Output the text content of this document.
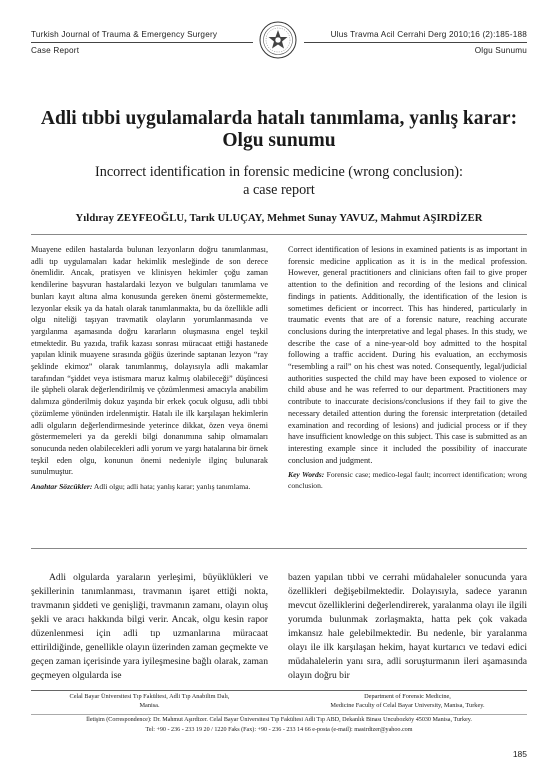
Turkish Journal of Trauma & Emergency Surgery	Ulus Travma Acil Cerrahi Derg 2010;16 (2):185-188
Case Report	Olgu Sunumu
Adli tıbbi uygulamalarda hatalı tanımlama, yanlış karar:
Olgu sunumu
Incorrect identification in forensic medicine (wrong conclusion):
a case report
Yıldıray ZEYFEOĞLU, Tarık ULUÇAY, Mehmet Sunay YAVUZ, Mahmut AŞIRDİZER

Muayene edilen hastalarda bulunan lezyonların doğru tanımlanması, adli tıp uygulamaları kadar hekimlik mesleğinde de son derece önemlidir. Ancak, pratisyen ve klinisyen hekimler çoğu zaman kendilerine başvuran hastalardaki lezyon ve bulguları tanımlama ve bunları kayıt altına alma konusunda gereken önemi göstermemekte, lezyonlar eksik ya da hatalı olarak tanımlanmakta, bu da özellikle adli olgu niteliği taşıyan travmatik olayların yorumlanmasında ve yargılanma aşamasında doğru kararların oluşmasına engel teşkil etmektedir. Bu yazıda, trafik kazası sonrası müracaat ettiği hastanede yapılan klinik muayene sırasında göğüs üzerinde saptanan lezyon “ray şeklinde ekimoz” olarak tanımlanmış, dolayısıyla adli makamlar tarafından “şiddet veya istismara maruz kalmış olabileceği” düşüncesi ile şüpheli olarak değerlendirilmiş ve çözümlenmesi amacıyla anabilim dalımıza gönderilmiş dokuz yaşında bir erkek çocuk olgusu, adli tıbbi çözümleme yönünden irdelenmiştir. Hatalı ile ilk karşılaşan hekimlerin adli olguların değerlendirmesinde yeterince dikkat, özen veya önemi göstermemeleri ya da gerekli bilgi donanımına sahip olmamaları sonucunda neden olabilecekleri adli yorum ve yargı hatalarına bir örnek teşkil eden olgu, konunun önemi nedeniyle ilginç bulunarak sunulmuştur.

Anahtar Sözcükler: Adli olgu; adli hata; yanlış karar; yanlış tanımlama.

Correct identification of lesions in examined patients is as important in forensic medicine application as it is in the medical profession. However, general practitioners and clinicians often fail to give proper attention to the definition and recording of the lesions and clinical findings in patients. Additionally, the identification of the lesion is sometimes deficient or incorrect. This has hindered, particularly in traumatic events that are of a forensic nature, reaching accurate conclusions during the interpretative and legal phases. In this study, we describe the case of a nine-year-old boy admitted to the hospital following a traffic accident. During his evaluation, an ecchymosis “resembling a rail” on his chest was noted. Consequently, legal/judicial authorities suspected the child may have been exposed to violence or child abuse and he was referred to our department. Practitioners may contribute to inaccurate decisions/conclusions if they fail to give the necessary detailed attention during the forensic interpretation (detailed examination and recording of lesions) and judicial process or if they have insufficient knowledge on this subject. This case is submitted as an interesting example since it included the possibility of inaccurate conclusion and judgment.

Key Words: Forensic case; medico-legal fault; incorrect identification; wrong conclusion.

Adli olgularda yaraların yerleşimi, büyüklükleri ve şekillerinin tanımlanması, travmanın işaret ettiği nokta, travmanın şiddeti ve genişliği, travmanın zamanı, olayın oluş şekli ve aracı hakkında bilgi verir. Ancak, olgu kesin rapor düzenlenmesi için adli tıp uzmanlarına müracaat ettirildiğinde, genellikle olayın üzerinden zaman geçmekte ve geçen zaman içerisinde yara iyileşmesine bağlı olarak, zaman geçmeyen olgularda ise

bazen yapılan tıbbi ve cerrahi müdahaleler sonucunda yara özellikleri değişebilmektedir. Dolayısıyla, sadece yaranın mevcut özelliklerini değerlendirerek, yaralanma olayı ile ilgili yorumda bulunmak zorlaşmakta, hatta pek çok vakada imkansız hale gelebilmektedir. Bu nedenle, bir yaralanma olayı ile ilk karşılaşan hekim, hayat kurtarıcı ve tedavi edici müdahalelerin yanı sıra, adli soruşturmanın ileri aşamasında olayın doğru bir

Celal Bayar Üniversitesi Tıp Fakültesi, Adli Tıp Anabilim Dalı,
Manisa.
Department of Forensic Medicine,
Medicine Faculty of Celal Bayar University, Manisa, Turkey.
İletişim (Correspondence): Dr. Mahmut Aşırdizer. Celal Bayar Üniversitesi Tıp Fakültesi Adli Tıp ABD, Dekanlık Binası Uncubozköy 45030 Manisa, Turkey.
Tel: +90 - 236 - 233 19 20 / 1220 Faks (Fax): +90 - 236 - 233 14 66 e-posta (e-mail): masirdizer@yahoo.com
185
